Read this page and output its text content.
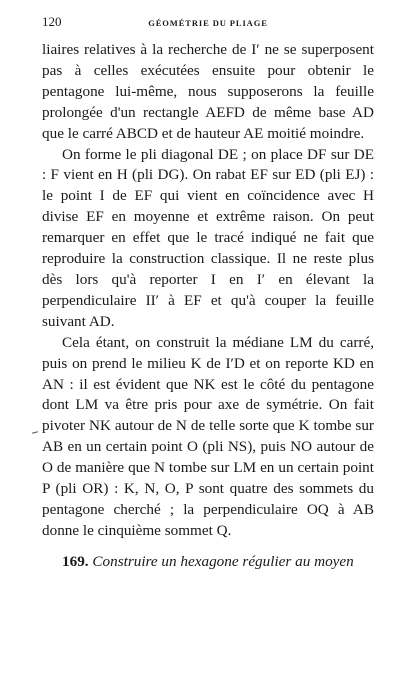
120	GÉOMÉTRIE DU PLIAGE

liaires relatives à la recherche de I′ ne se superposent pas à celles exécutées ensuite pour obtenir le pentagone lui-même, nous supposerons la feuille prolongée d'un rectangle AEFD de même base AD que le carré ABCD et de hauteur AE moitié moindre.

On forme le pli diagonal DE ; on place DF sur DE : F vient en H (pli DG). On rabat EF sur ED (pli EJ) : le point I de EF qui vient en coïncidence avec H divise EF en moyenne et extrême raison. On peut remarquer en effet que le tracé indiqué ne fait que reproduire la construction classique. Il ne reste plus dès lors qu'à reporter I en I′ en élevant la perpendiculaire II′ à EF et qu'à couper la feuille suivant AD.

Cela étant, on construit la médiane LM du carré, puis on prend le milieu K de I′D et on reporte KD en AN : il est évident que NK est le côté du pentagone dont LM va être pris pour axe de symétrie. On fait pivoter NK autour de N de telle sorte que K tombe sur AB en un certain point O (pli NS), puis NO autour de O de manière que N tombe sur LM en un certain point P (pli OR) : K, N, O, P sont quatre des sommets du pentagone cherché ; la perpendiculaire OQ à AB donne le cinquième sommet Q.

169. Construire un hexagone régulier au moyen
